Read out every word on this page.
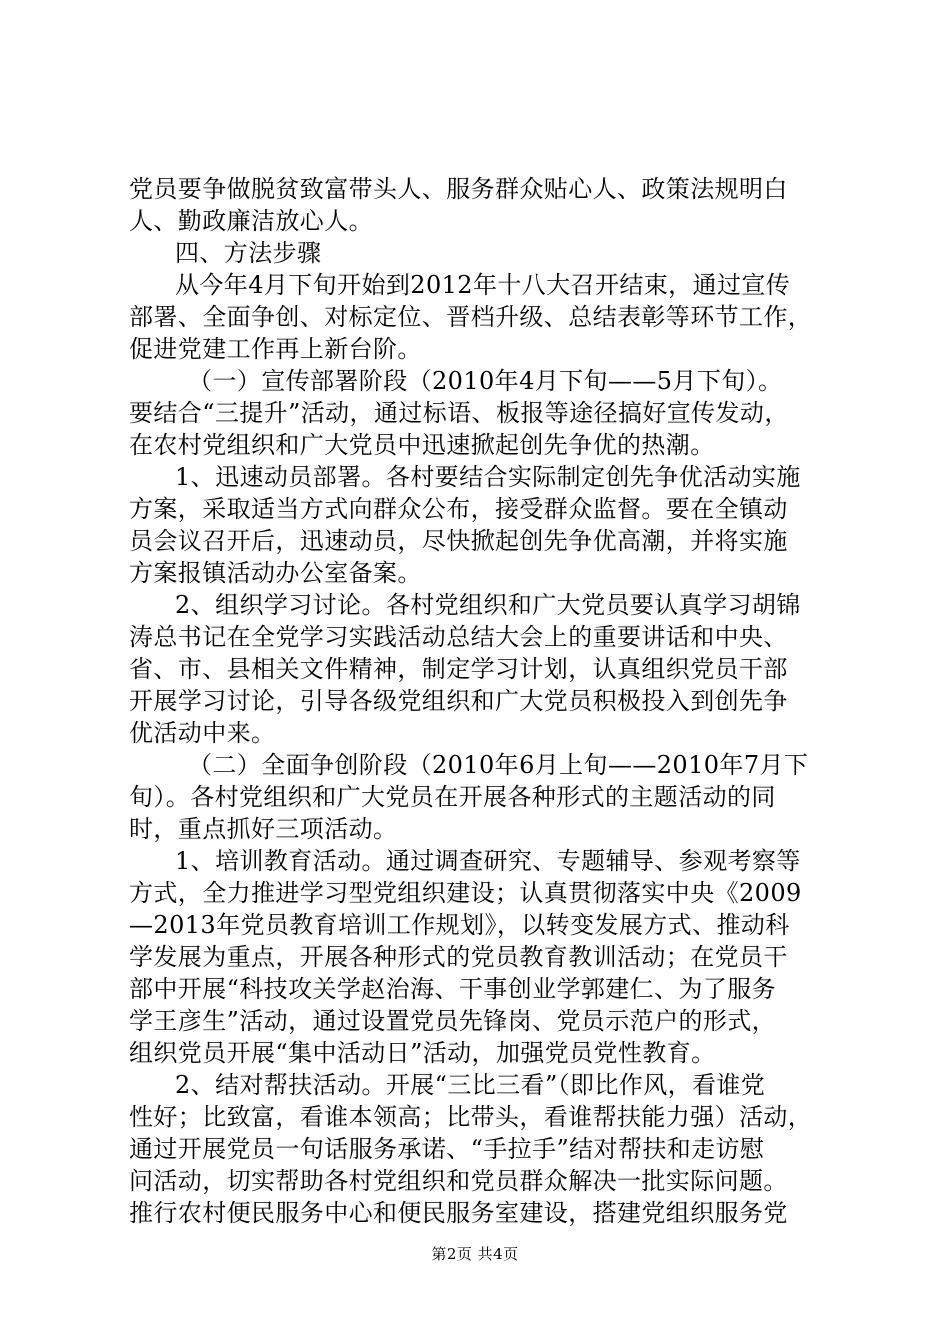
党员要争做脱贫致富带头人、服务群众贴心人、政策法规明白
人、勤政廉洁放心人。
四、方法步骤
从今年4月下旬开始到2012年十八大召开结束，通过宣传
部署、全面争创、对标定位、晋档升级、总结表彰等环节工作，
促进党建工作再上新台阶。
（一）宣传部署阶段（2010年4月下旬——5月下旬）。
要结合“三提升”活动，通过标语、板报等途径搞好宣传发动，
在农村党组织和广大党员中迅速掀起创先争优的热潮。
1、迅速动员部署。各村要结合实际制定创先争优活动实施
方案，采取适当方式向群众公布，接受群众监督。要在全镇动
员会议召开后，迅速动员，尽快掀起创先争优高潮，并将实施
方案报镇活动办公室备案。
2、组织学习讨论。各村党组织和广大党员要认真学习胡锦
涛总书记在全党学习实践活动总结大会上的重要讲话和中央、
省、市、县相关文件精神，制定学习计划，认真组织党员干部
开展学习讨论，引导各级党组织和广大党员积极投入到创先争
优活动中来。
（二）全面争创阶段（2010年6月上旬——2010年7月下
旬）。各村党组织和广大党员在开展各种形式的主题活动的同
时，重点抓好三项活动。
1、培训教育活动。通过调查研究、专题辅导、参观考察等
方式，全力推进学习型党组织建设；认真贯彻落实中央《2009
—2013年党员教育培训工作规划》，以转变发展方式、推动科
学发展为重点，开展各种形式的党员教育教训活动；在党员干
部中开展“科技攻关学赵治海、干事创业学郭建仁、为了服务
学王彦生”活动，通过设置党员先锋岗、党员示范户的形式，
组织党员开展“集中活动日”活动，加强党员党性教育。
2、结对帮扶活动。开展“三比三看”（即比作风，看谁党
性好；比致富，看谁本领高；比带头，看谁帮扶能力强）活动，
通过开展党员一句话服务承诺、“手拉手”结对帮扶和走访慰
问活动，切实帮助各村党组织和党员群众解决一批实际问题。
推行农村便民服务中心和便民服务室建设，搭建党组织服务党
第2页 共4页
